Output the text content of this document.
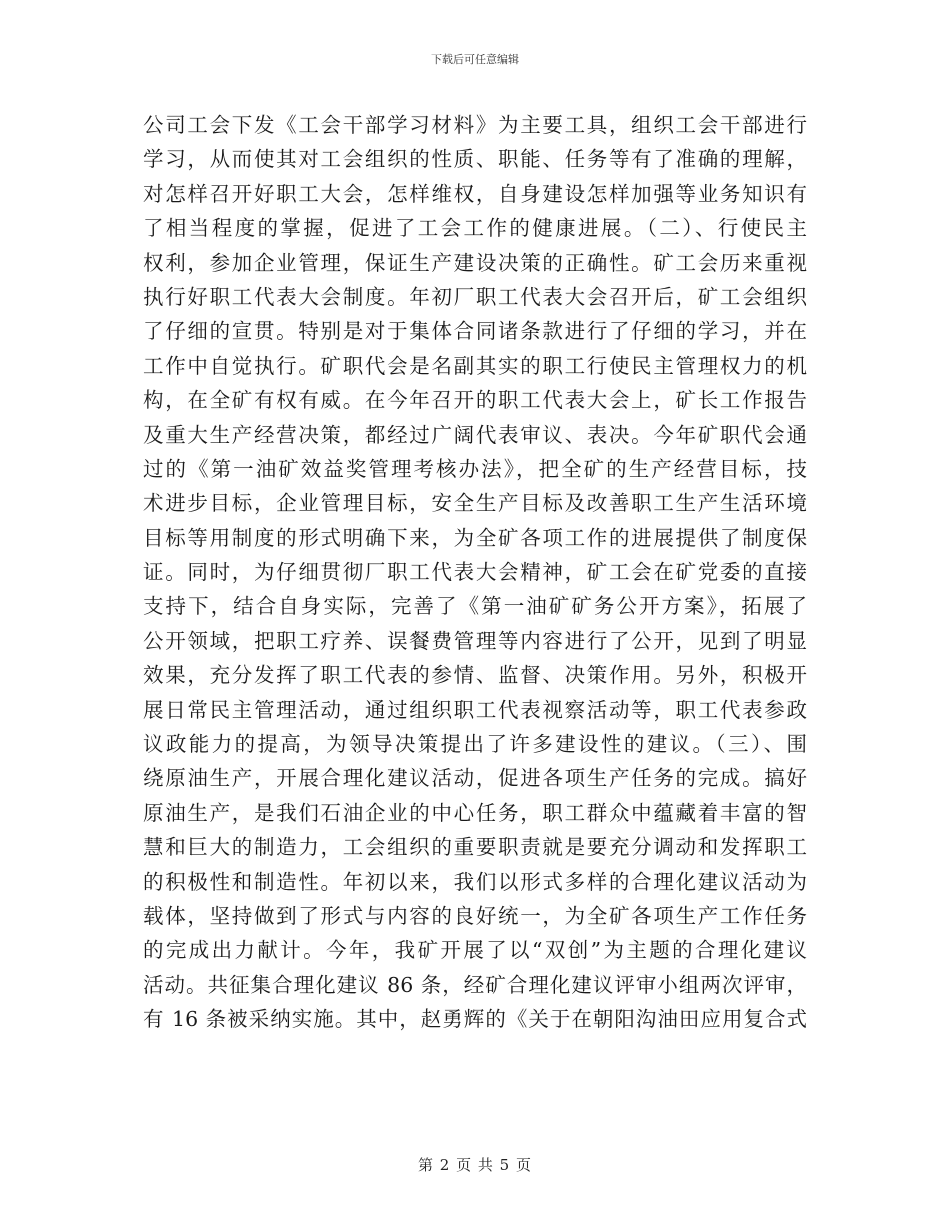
下载后可任意编辑
公司工会下发《工会干部学习材料》为主要工具，组织工会干部进行
学习，从而使其对工会组织的性质、职能、任务等有了准确的理解，
对怎样召开好职工大会，怎样维权，自身建设怎样加强等业务知识有
了相当程度的掌握，促进了工会工作的健康进展。（二）、行使民主
权利，参加企业管理，保证生产建设决策的正确性。矿工会历来重视
执行好职工代表大会制度。年初厂职工代表大会召开后，矿工会组织
了仔细的宣贯。特别是对于集体合同诸条款进行了仔细的学习，并在
工作中自觉执行。矿职代会是名副其实的职工行使民主管理权力的机
构，在全矿有权有威。在今年召开的职工代表大会上，矿长工作报告
及重大生产经营决策，都经过广阔代表审议、表决。今年矿职代会通
过的《第一油矿效益奖管理考核办法》，把全矿的生产经营目标，技
术进步目标，企业管理目标，安全生产目标及改善职工生产生活环境
目标等用制度的形式明确下来，为全矿各项工作的进展提供了制度保
证。同时，为仔细贯彻厂职工代表大会精神，矿工会在矿党委的直接
支持下，结合自身实际，完善了《第一油矿矿务公开方案》，拓展了
公开领域，把职工疗养、误餐费管理等内容进行了公开，见到了明显
效果，充分发挥了职工代表的参情、监督、决策作用。另外，积极开
展日常民主管理活动，通过组织职工代表视察活动等，职工代表参政
议政能力的提高，为领导决策提出了许多建设性的建议。（三）、围
绕原油生产，开展合理化建议活动，促进各项生产任务的完成。搞好
原油生产，是我们石油企业的中心任务，职工群众中蕴藏着丰富的智
慧和巨大的制造力，工会组织的重要职责就是要充分调动和发挥职工
的积极性和制造性。年初以来，我们以形式多样的合理化建议活动为
载体，坚持做到了形式与内容的良好统一，为全矿各项生产工作任务
的完成出力献计。今年，我矿开展了以“双创”为主题的合理化建议
活动。共征集合理化建议 86 条，经矿合理化建议评审小组两次评审，
有 16 条被采纳实施。其中，赵勇辉的《关于在朝阳沟油田应用复合式
第 2 页 共 5 页
